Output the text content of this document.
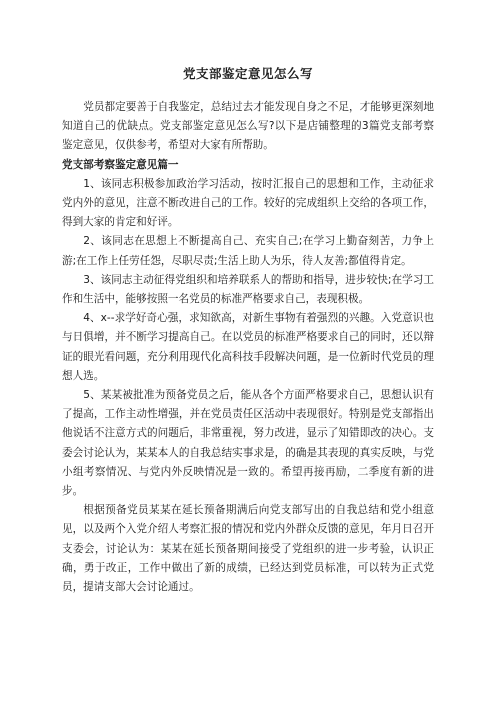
党支部鉴定意见怎么写

党员都定要善于自我鉴定，总结过去才能发现自身之不足，才能够更深刻地知道自己的优缺点。党支部鉴定意见怎么写?以下是店铺整理的3篇党支部考察鉴定意见，仅供参考，希望对大家有所帮助。

党支部考察鉴定意见篇一

1、该同志积极参加政治学习活动，按时汇报自己的思想和工作，主动征求党内外的意见，注意不断改进自己的工作。较好的完成组织上交给的各项工作，得到大家的肯定和好评。

2、该同志在思想上不断提高自己、充实自己;在学习上勤奋刻苦，力争上游;在工作上任劳任怨，尽职尽责;生活上助人为乐，待人友善;都值得肯定。

3、该同志主动征得党组织和培养联系人的帮助和指导，进步较快;在学习工作和生活中，能够按照一名党员的标准严格要求自己，表现积极。

4、x--求学好奇心强，求知欲高，对新生事物有着强烈的兴趣。入党意识也与日俱增，并不断学习提高自己。在以党员的标准严格要求自己的同时，还以辩证的眼光看问题，充分利用现代化高科技手段解决问题，是一位新时代党员的理想人选。

5、某某被批准为预备党员之后，能从各个方面严格要求自己，思想认识有了提高，工作主动性增强，并在党员责任区活动中表现很好。特别是党支部指出他说话不注意方式的问题后，非常重视，努力改进，显示了知错即改的决心。支委会讨论认为，某某本人的自我总结实事求是，的确是其表现的真实反映，与党小组考察情况、与党内外反映情况是一致的。希望再接再励，二季度有新的进步。

根据预备党员某某在延长预备期满后向党支部写出的自我总结和党小组意见，以及两个入党介绍人考察汇报的情况和党内外群众反馈的意见，年月日召开支委会，讨论认为：某某在延长预备期间接受了党组织的进一步考验，认识正确，勇于改正，工作中做出了新的成绩，已经达到党员标准，可以转为正式党员，提请支部大会讨论通过。
